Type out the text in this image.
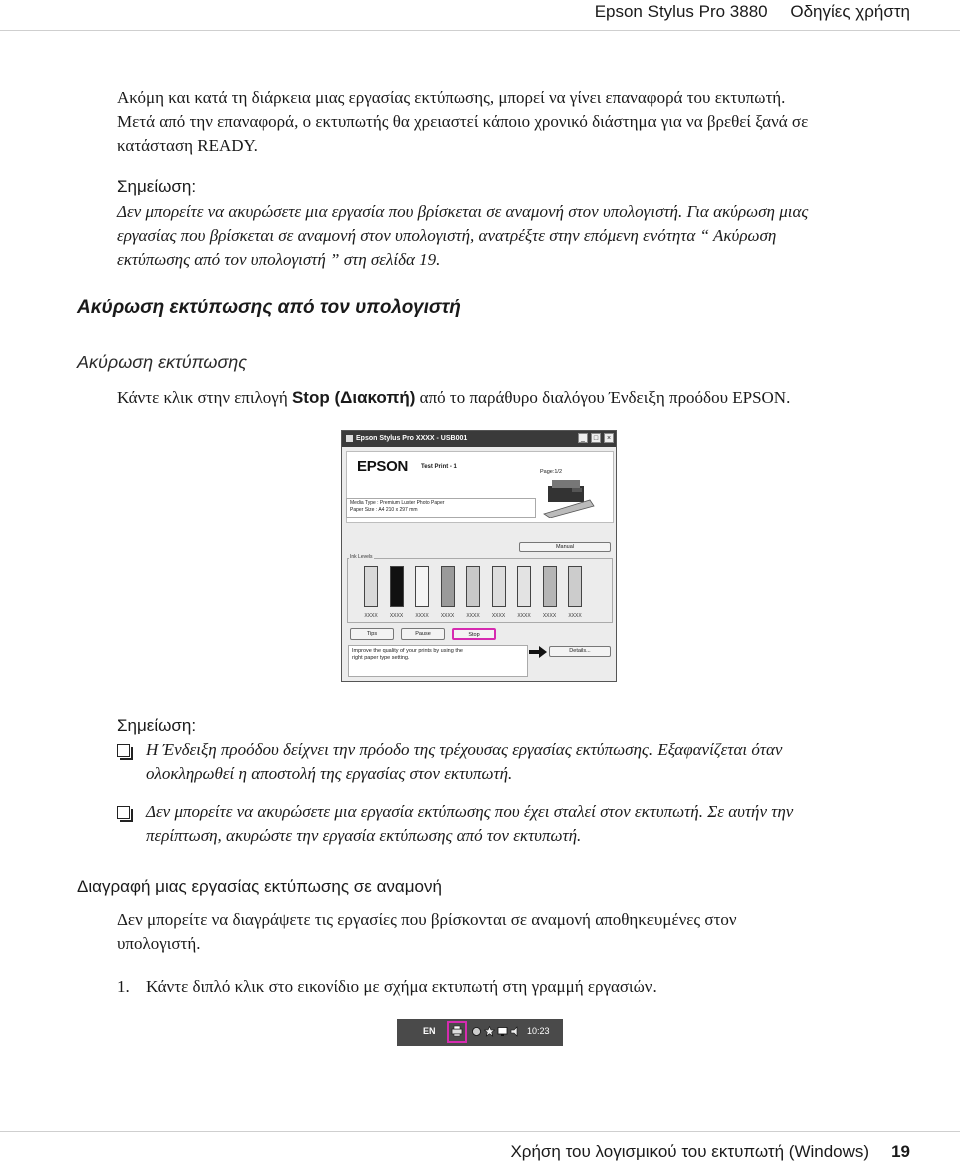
Epson Stylus Pro 3880 Οδηγίες χρήστη

Ακόμη και κατά τη διάρκεια μιας εργασίας εκτύπωσης, μπορεί να γίνει επαναφορά του εκτυπωτή.

Μετά από την επαναφορά, ο εκτυπωτής θα χρειαστεί κάποιο χρονικό διάστημα για να βρεθεί ξανά σε

κατάσταση READY.

Σημείωση:

Δεν μπορείτε να ακυρώσετε μια εργασία που βρίσκεται σε αναμονή στον υπολογιστή. Για ακύρωση μιας

εργασίας που βρίσκεται σε αναμονή στον υπολογιστή, ανατρέξτε στην επόμενη ενότητα “ Ακύρωση

εκτύπωσης από τον υπολογιστή ” στη σελίδα 19.

Ακύρωση εκτύπωσης από τον υπολογιστή
Ακύρωση εκτύπωσης

Κάντε κλικ στην επιλογή Stop (Διακοπή) από το παράθυρο διαλόγου Ένδειξη προόδου EPSON.

Epson Stylus Pro XXXX - USB001	_	□	×
EPSON Test Print - 1
Page:1/2
Media Type : Premium Luster Photo Paper
Paper Size : A4 210 x 297 mm
Manual
Ink Levels
XXXX	XXXX	XXXX	XXXX	XXXX	XXXX	XXXX	XXXX	XXXX
Tips	Pause	Stop
Improve the quality of your prints by using the
right paper type setting.
Details...
Σημείωση:

Η Ένδειξη προόδου δείχνει την πρόοδο της τρέχουσας εργασίας εκτύπωσης. Εξαφανίζεται όταν

ολοκληρωθεί η αποστολή της εργασίας στον εκτυπωτή.

Δεν μπορείτε να ακυρώσετε μια εργασία εκτύπωσης που έχει σταλεί στον εκτυπωτή. Σε αυτήν την

περίπτωση, ακυρώστε την εργασία εκτύπωσης από τον εκτυπωτή.

Διαγραφή μιας εργασίας εκτύπωσης σε αναμονή

Δεν μπορείτε να διαγράψετε τις εργασίες που βρίσκονται σε αναμονή αποθηκευμένες στον

υπολογιστή.

1. Κάντε διπλό κλικ στο εικονίδιο με σχήμα εκτυπωτή στη γραμμή εργασιών.
EN	10:23
Χρήση του λογισμικού του εκτυπωτή (Windows) 19
